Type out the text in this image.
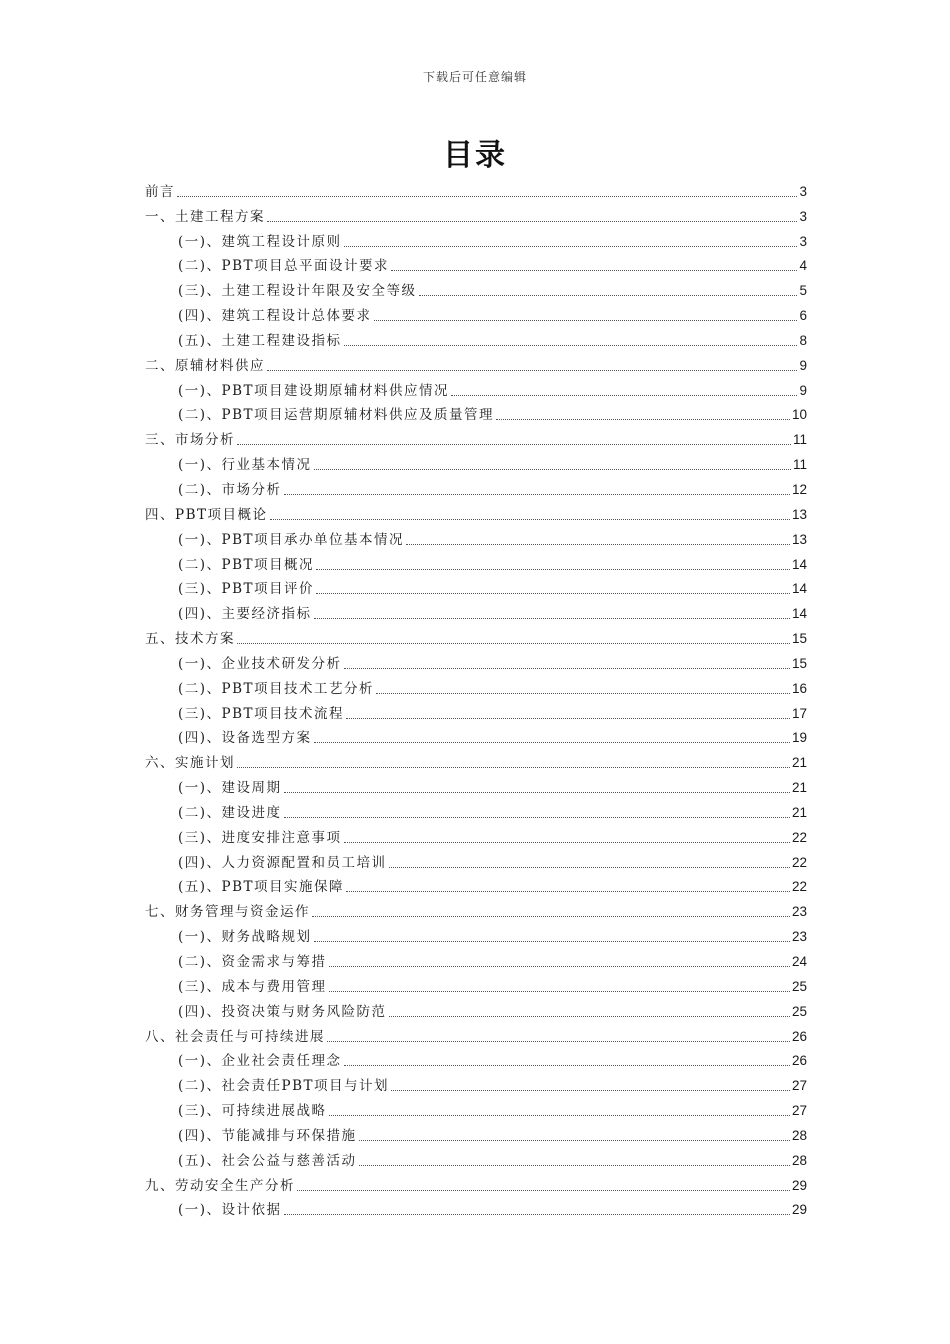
下载后可任意编辑
目录
前言	3
一、土建工程方案	3
(一)、建筑工程设计原则	3
(二)、PBT项目总平面设计要求	4
(三)、土建工程设计年限及安全等级	5
(四)、建筑工程设计总体要求	6
(五)、土建工程建设指标	8
二、原辅材料供应	9
(一)、PBT项目建设期原辅材料供应情况	9
(二)、PBT项目运营期原辅材料供应及质量管理	10
三、市场分析	11
(一)、行业基本情况	11
(二)、市场分析	12
四、PBT项目概论	13
(一)、PBT项目承办单位基本情况	13
(二)、PBT项目概况	14
(三)、PBT项目评价	14
(四)、主要经济指标	14
五、技术方案	15
(一)、企业技术研发分析	15
(二)、PBT项目技术工艺分析	16
(三)、PBT项目技术流程	17
(四)、设备选型方案	19
六、实施计划	21
(一)、建设周期	21
(二)、建设进度	21
(三)、进度安排注意事项	22
(四)、人力资源配置和员工培训	22
(五)、PBT项目实施保障	22
七、财务管理与资金运作	23
(一)、财务战略规划	23
(二)、资金需求与筹措	24
(三)、成本与费用管理	25
(四)、投资决策与财务风险防范	25
八、社会责任与可持续进展	26
(一)、企业社会责任理念	26
(二)、社会责任PBT项目与计划	27
(三)、可持续进展战略	27
(四)、节能减排与环保措施	28
(五)、社会公益与慈善活动	28
九、劳动安全生产分析	29
(一)、设计依据	29
